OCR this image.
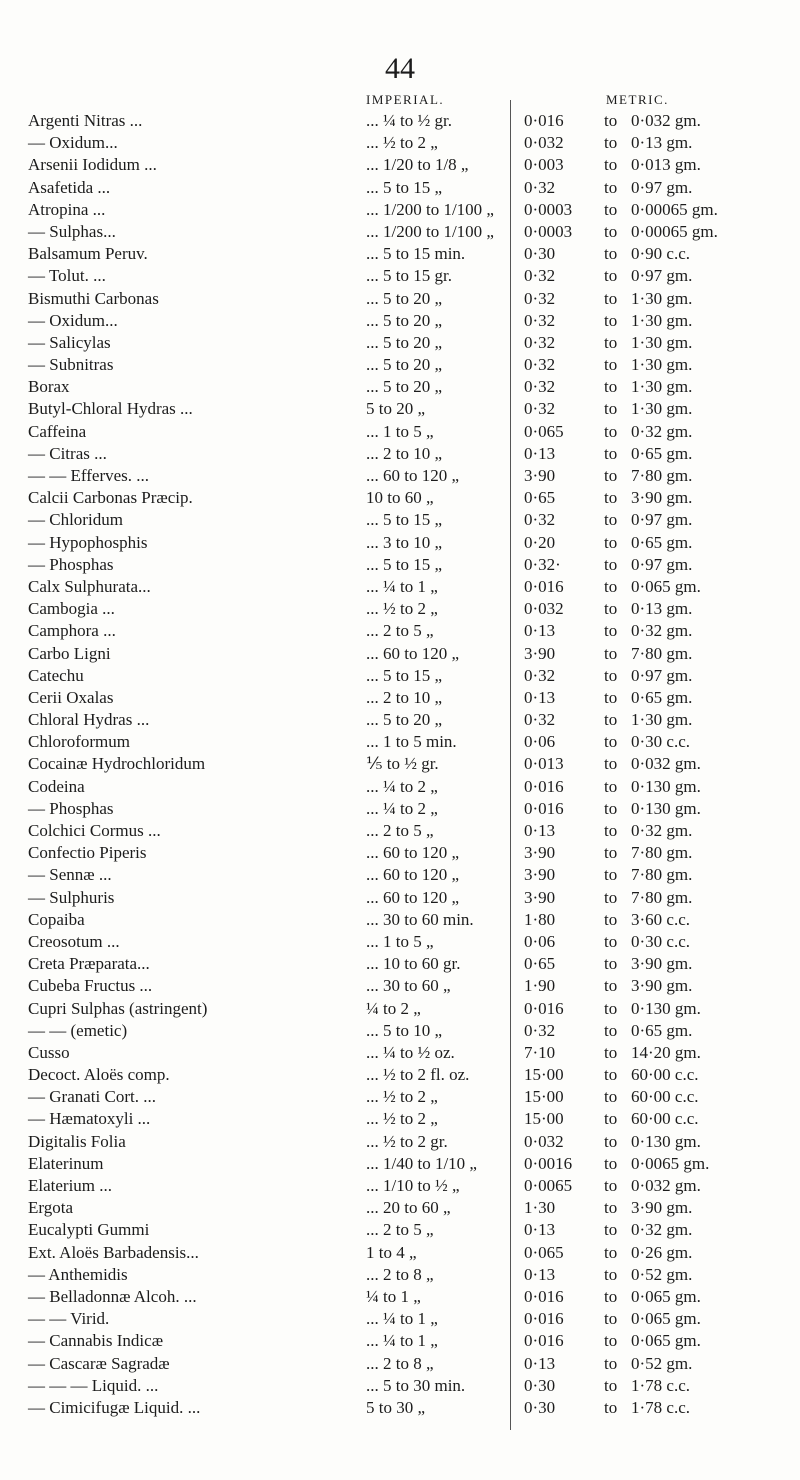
44
IMPERIAL.	METRIC.
Argenti Nitras ...	... ¼ to ½ gr.	0·016 to 0·032 gm.
— Oxidum...	... ½ to 2 „	0·032 to 0·13 gm.
Arsenii Iodidum ...	... 1/20 to 1/8 „	0·003 to 0·013 gm.
Asafetida ...	... 5 to 15 „	0·32	to 0·97 gm.
Atropina ...	... 1/200 to 1/100 „ 0·0003 to 0·00065 gm.
— Sulphas...	... 1/200 to 1/100 „ 0·0003 to 0·00065 gm.
Balsamum Peruv.	... 5 to 15 min.	0·30	to 0·90 c.c.
— Tolut. ...	... 5 to 15 gr.	0·32	to 0·97 gm.
Bismuthi Carbonas	... 5 to 20 „	0·32	to 1·30 gm.
— Oxidum...	... 5 to 20 „	0·32	to 1·30 gm.
— Salicylas	... 5 to 20 „	0·32	to 1·30 gm.
— Subnitras	... 5 to 20 „	0·32	to 1·30 gm.
Borax	... 5 to 20 „	0·32	to 1·30 gm.
Butyl-Chloral Hydras ...	5 to 20 „	0·32	to 1·30 gm.
Caffeina	... 1 to 5 „	0·065 to 0·32 gm.
— Citras ...	... 2 to 10 „	0·13	to 0·65 gm.
— — Efferves. ...	... 60 to 120 „	3·90	to 7·80 gm.
Calcii Carbonas Præcip.	10 to 60 „	0·65	to 3·90 gm.
— Chloridum	... 5 to 15 „	0·32	to 0·97 gm.
— Hypophosphis	... 3 to 10 „	0·20	to 0·65 gm.
— Phosphas	... 5 to 15 „	0·32·	to 0·97 gm.
Calx Sulphurata...	... ¼ to 1 „	0·016 to 0·065 gm.
Cambogia ...	... ½ to 2 „	0·032 to 0·13 gm.
Camphora ...	... 2 to 5 „	0·13	to 0·32 gm.
Carbo Ligni	... 60 to 120 „	3·90	to 7·80 gm.
Catechu	... 5 to 15 „	0·32	to 0·97 gm.
Cerii Oxalas	... 2 to 10 „	0·13	to 0·65 gm.
Chloral Hydras ...	... 5 to 20 „	0·32	to 1·30 gm.
Chloroformum	... 1 to 5 min.	0·06	to 0·30 c.c.
Cocainæ Hydrochloridum	⅕ to ½ gr.	0·013 to 0·032 gm.
Codeina	... ¼ to 2 „	0·016 to 0·130 gm.
— Phosphas	... ¼ to 2 „	0·016 to 0·130 gm.
Colchici Cormus ...	... 2 to 5 „	0·13	to 0·32 gm.
Confectio Piperis	... 60 to 120 „	3·90	to 7·80 gm.
— Sennæ ...	... 60 to 120 „	3·90	to 7·80 gm.
— Sulphuris	... 60 to 120 „	3·90	to 7·80 gm.
Copaiba	... 30 to 60 min.	1·80	to 3·60 c.c.
Creosotum ...	... 1 to 5 „	0·06	to 0·30 c.c.
Creta Præparata...	... 10 to 60 gr.	0·65	to 3·90 gm.
Cubeba Fructus ...	... 30 to 60 „	1·90	to 3·90 gm.
Cupri Sulphas (astringent)	¼ to 2 „	0·016 to 0·130 gm.
— — (emetic)	... 5 to 10 „	0·32	to 0·65 gm.
Cusso	... ¼ to ½ oz.	7·10	to 14·20 gm.
Decoct. Aloës comp.	... ½ to 2 fl. oz.	15·00 to 60·00 c.c.
— Granati Cort. ...	... ½ to 2 „	15·00 to 60·00 c.c.
— Hæmatoxyli ...	... ½ to 2 „	15·00 to 60·00 c.c.
Digitalis Folia	... ½ to 2 gr.	0·032 to 0·130 gm.
Elaterinum	... 1/40 to 1/10 „	0·0016 to 0·0065 gm.
Elaterium ...	... 1/10 to ½ „	0·0065 to 0·032 gm.
Ergota	... 20 to 60 „	1·30	to 3·90 gm.
Eucalypti Gummi	... 2 to 5 „	0·13	to 0·32 gm.
Ext. Aloës Barbadensis...	1 to 4 „	0·065 to 0·26 gm.
— Anthemidis	... 2 to 8 „	0·13	to 0·52 gm.
— Belladonnæ Alcoh. ...	¼ to 1 „	0·016 to 0·065 gm.
— — Virid.	... ¼ to 1 „	0·016 to 0·065 gm.
— Cannabis Indicæ	... ¼ to 1 „	0·016 to 0·065 gm.
— Cascaræ Sagradæ	... 2 to 8 „	0·13	to 0·52 gm.
— — — Liquid. ...	... 5 to 30 min.	0·30	to 1·78 c.c.
— Cimicifugæ Liquid. ...	5 to 30 „	0·30	to 1·78 c.c.
